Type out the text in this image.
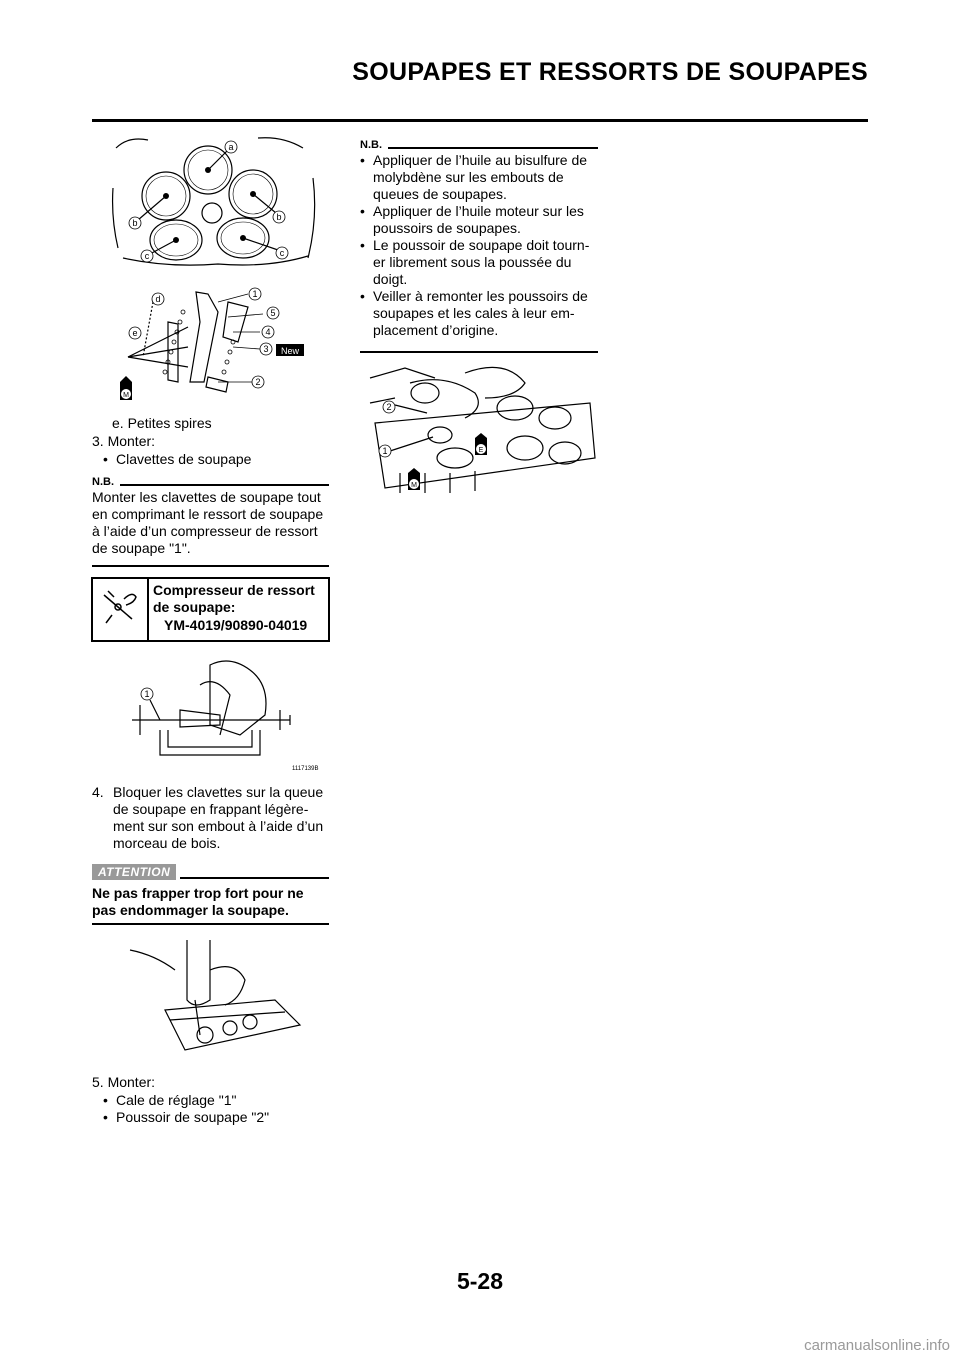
SOUPAPES ET RESSORTS DE SOUPAPES
a
b
b
c	c
1
2
3
4
5
d
e
New
M
e. Petites spires
3. Monter:
• Clavettes de soupape
N.B.
Monter les clavettes de soupape tout en comprimant le ressort de soupape à l’aide d’un compresseur de ressort de soupape "1".
Compresseur de ressort de soupape:
YM-4019/90890-04019
1
1117139B
4. Bloquer les clavettes sur la queue de soupape en frappant légère-ment sur son embout à l’aide d’un morceau de bois.
ATTENTION
Ne pas frapper trop fort pour ne pas endommager la soupape.
5. Monter:
• Cale de réglage "1"
• Poussoir de soupape "2"
N.B.
• Appliquer de l’huile au bisulfure de molybdène sur les embouts de queues de soupapes.
• Appliquer de l’huile moteur sur les poussoirs de soupapes.
• Le poussoir de soupape doit tourn-er librement sous la poussée du doigt.
• Veiller à remonter les poussoirs de soupapes et les cales à leur em-placement d’origine.
1
2
E
M
5-28
carmanualsonline.info
